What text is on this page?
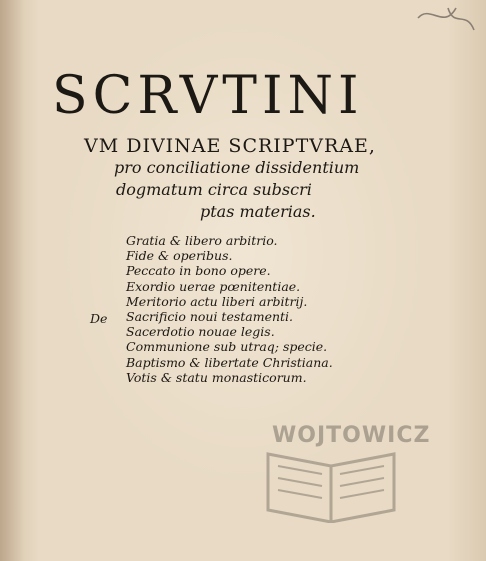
SCRVTINI
VM DIVINAE SCRIPTVRAE,
pro conciliatione dissidentium
dogmatum circa subscri
ptas materias.
De
Gratia & libero arbitrio.
Fide & operibus.
Peccato in bono opere.
Exordio uerae pœnitentiae.
Meritorio actu liberi arbitrij.
Sacrificio noui testamenti.
Sacerdotio nouae legis.
Communione sub utraq; specie.
Baptismo & libertate Christiana.
Votis & statu monasticorum.
WOJTOWICZ
